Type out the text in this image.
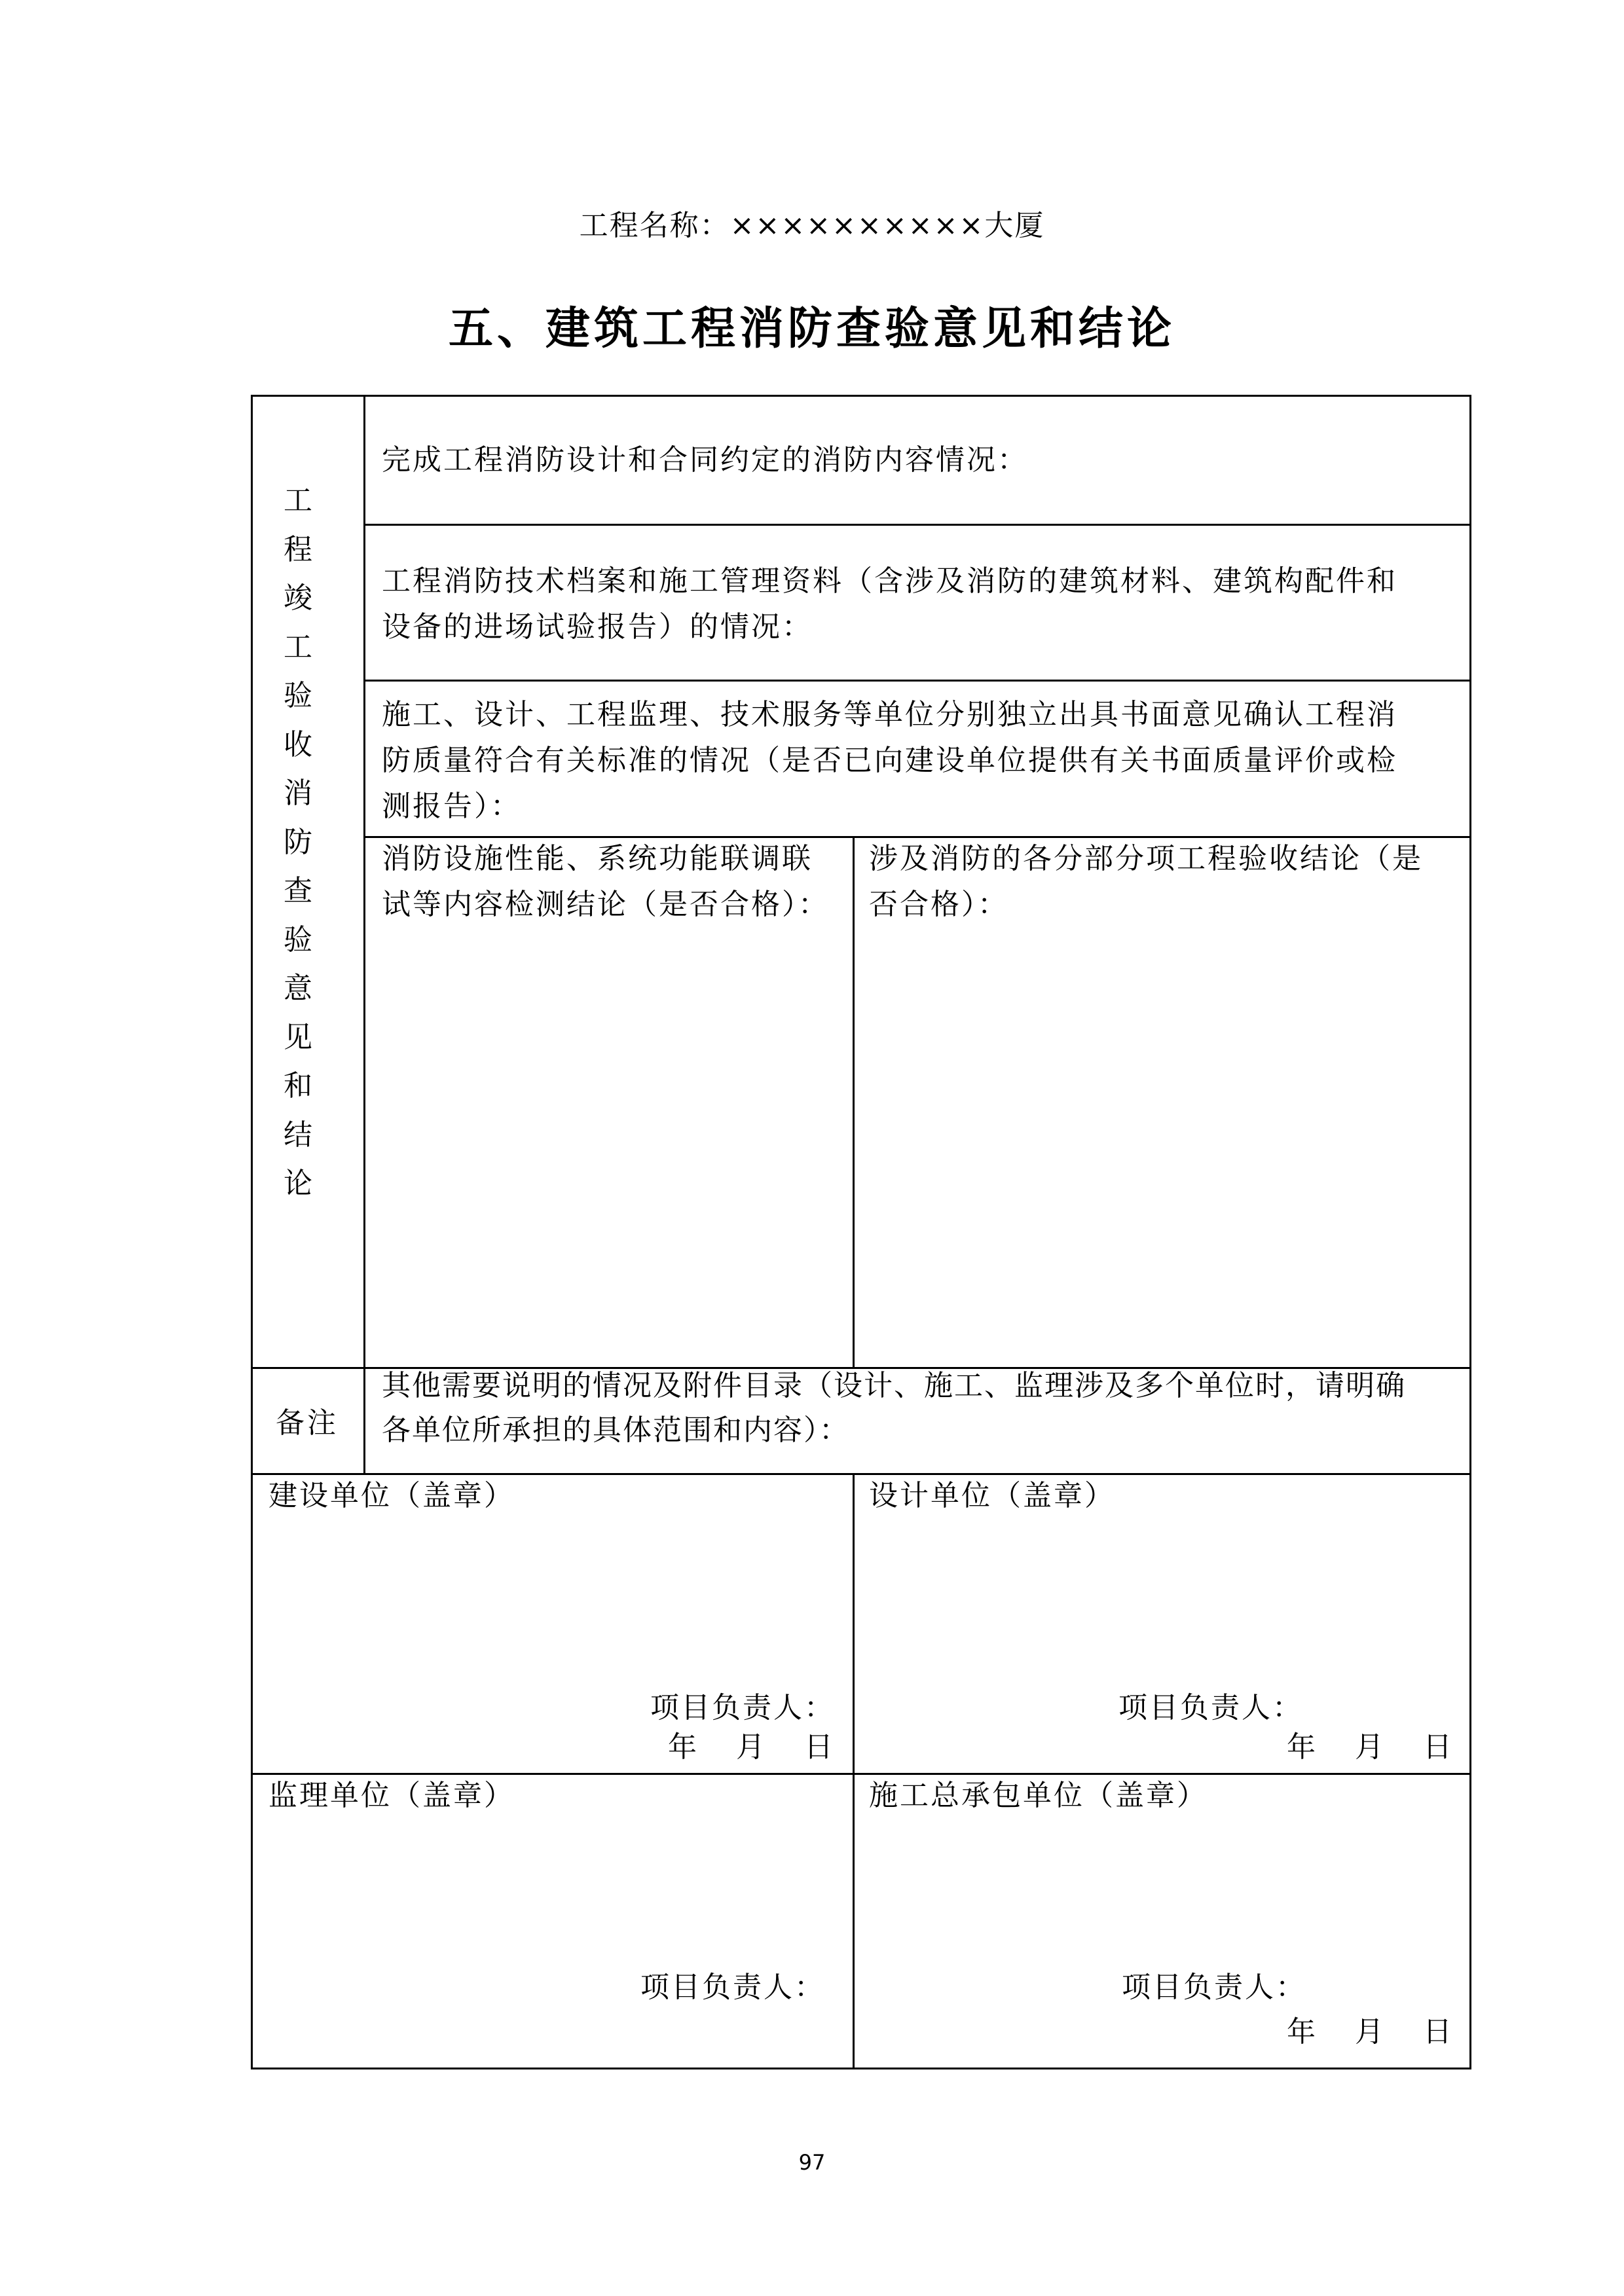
工程名称：××××××××××大厦
五、建筑工程消防查验意见和结论
工
程
竣
工
验
收
消
防
查
验
意
见
和
结
论
完成工程消防设计和合同约定的消防内容情况：
工程消防技术档案和施工管理资料（含涉及消防的建筑材料、建筑构配件和
设备的进场试验报告）的情况：
施工、设计、工程监理、技术服务等单位分别独立出具书面意见确认工程消
防质量符合有关标准的情况（是否已向建设单位提供有关书面质量评价或检
测报告）：
消防设施性能、系统功能联调联
试等内容检测结论（是否合格）：
涉及消防的各分部分项工程验收结论（是
否合格）：
备注
其他需要说明的情况及附件目录（设计、施工、监理涉及多个单位时，请明确
各单位所承担的具体范围和内容）：
建设单位（盖章）
项目负责人：
年　月　日
设计单位（盖章）
项目负责人：
年　月　日
监理单位（盖章）
项目负责人：
施工总承包单位（盖章）
项目负责人：
年　月　日
97
